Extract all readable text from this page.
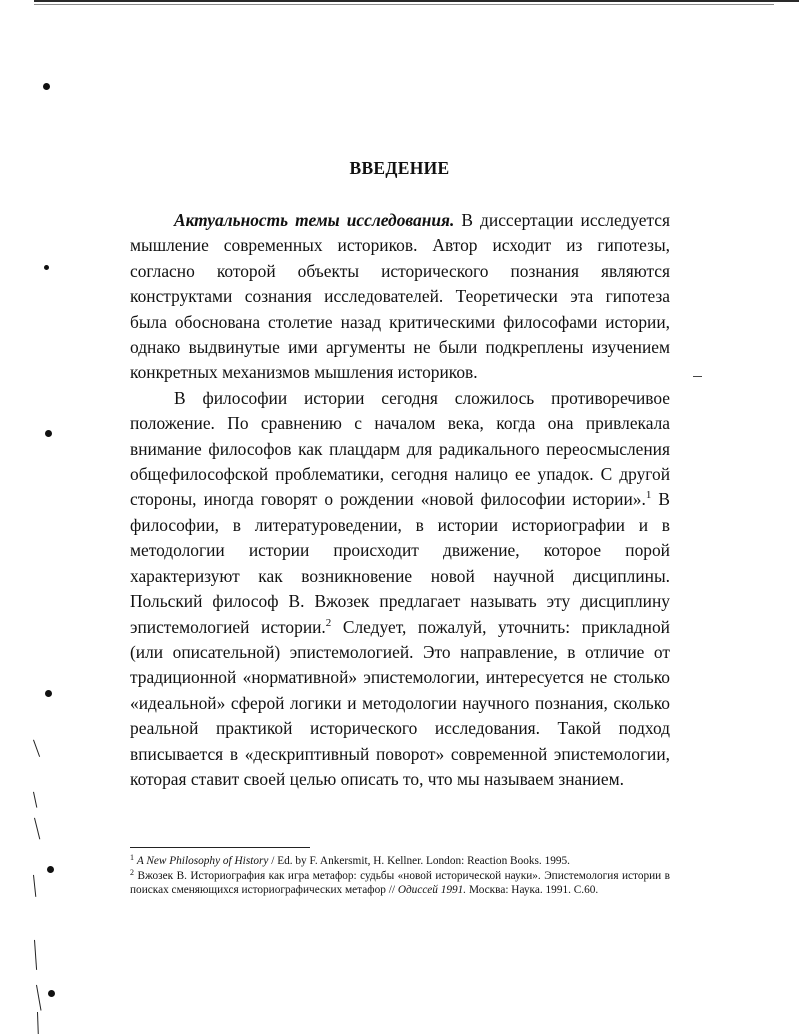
ВВЕДЕНИЕ

Актуальность темы исследования. В диссертации исследуется мышление современных историков. Автор исходит из гипотезы, согласно которой объекты исторического познания являются конструктами сознания исследователей. Теоретически эта гипотеза была обоснована столетие назад критическими философами истории, однако выдвинутые ими аргументы не были подкреплены изучением конкретных механизмов мышления историков.

В философии истории сегодня сложилось противоречивое положение. По сравнению с началом века, когда она привлекала внимание философов как плацдарм для радикального переосмысления общефилософской проблематики, сегодня налицо ее упадок. С другой стороны, иногда говорят о рождении «новой философии истории».$^1$ В философии, в литературоведении, в истории историографии и в методологии истории происходит движение, которое порой характеризуют как возникновение новой научной дисциплины. Польский философ В. Вжозек предлагает называть эту дисциплину эпистемологией истории.$^2$ Следует, пожалуй, уточнить: прикладной (или описательной) эпистемологией. Это направление, в отличие от традиционной «нормативной» эпистемологии, интересуется не столько «идеальной» сферой логики и методологии научного познания, сколько реальной практикой исторического исследования. Такой подход вписывается в «дескриптивный поворот» современной эпистемологии, которая ставит своей целью описать то, что мы называем знанием.

$^1$ A New Philosophy of History / Ed. by F. Ankersmit, H. Kellner. London: Reaction Books. 1995.

$^2$ Вжозек В. Историография как игра метафор: судьбы «новой исторической науки». Эпистемология истории в поисках сменяющихся историографических метафор // Одиссей 1991. Москва: Наука. 1991. С.60.
